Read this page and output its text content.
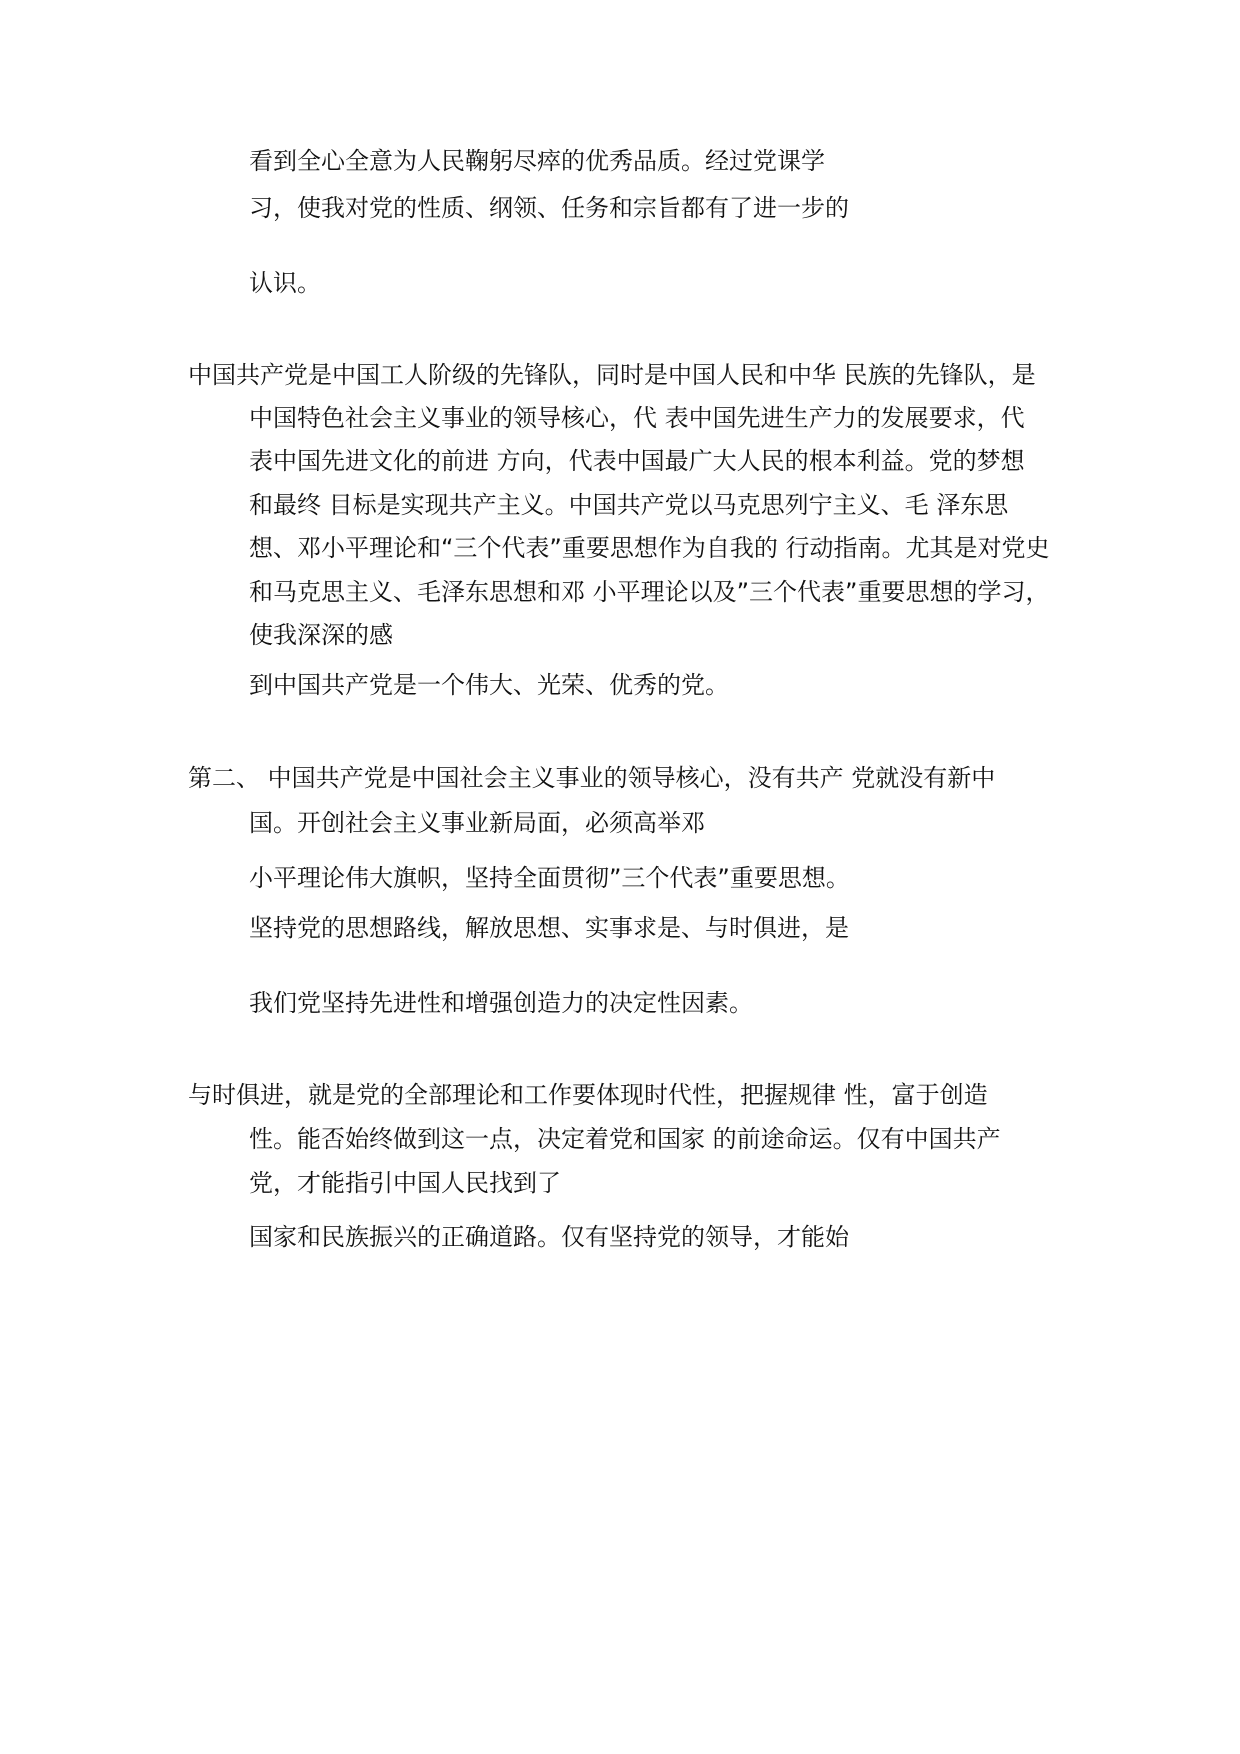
看到全心全意为人民鞠躬尽瘁的优秀品质。经过党课学
习，使我对党的性质、纲领、任务和宗旨都有了进一步的
认识。
中国共产党是中国工人阶级的先锋队，同时是中国人民和中华 民族的先锋队，是
中国特色社会主义事业的领导核心，代 表中国先进生产力的发展要求，代
表中国先进文化的前进 方向，代表中国最广大人民的根本利益。党的梦想
和最终 目标是实现共产主义。中国共产党以马克思列宁主义、毛 泽东思
想、邓小平理论和“三个代表”重要思想作为自我的 行动指南。尤其是对党史
和马克思主义、毛泽东思想和邓 小平理论以及”三个代表”重要思想的学习，
使我深深的感
到中国共产党是一个伟大、光荣、优秀的党。
第二、 中国共产党是中国社会主义事业的领导核心，没有共产 党就没有新中
国。开创社会主义事业新局面，必须高举邓
小平理论伟大旗帜，坚持全面贯彻”三个代表”重要思想。
坚持党的思想路线，解放思想、实事求是、与时俱进，是
我们党坚持先进性和增强创造力的决定性因素。
与时俱进，就是党的全部理论和工作要体现时代性，把握规律 性，富于创造
性。能否始终做到这一点，决定着党和国家 的前途命运。仅有中国共产
党，才能指引中国人民找到了
国家和民族振兴的正确道路。仅有坚持党的领导，才能始
